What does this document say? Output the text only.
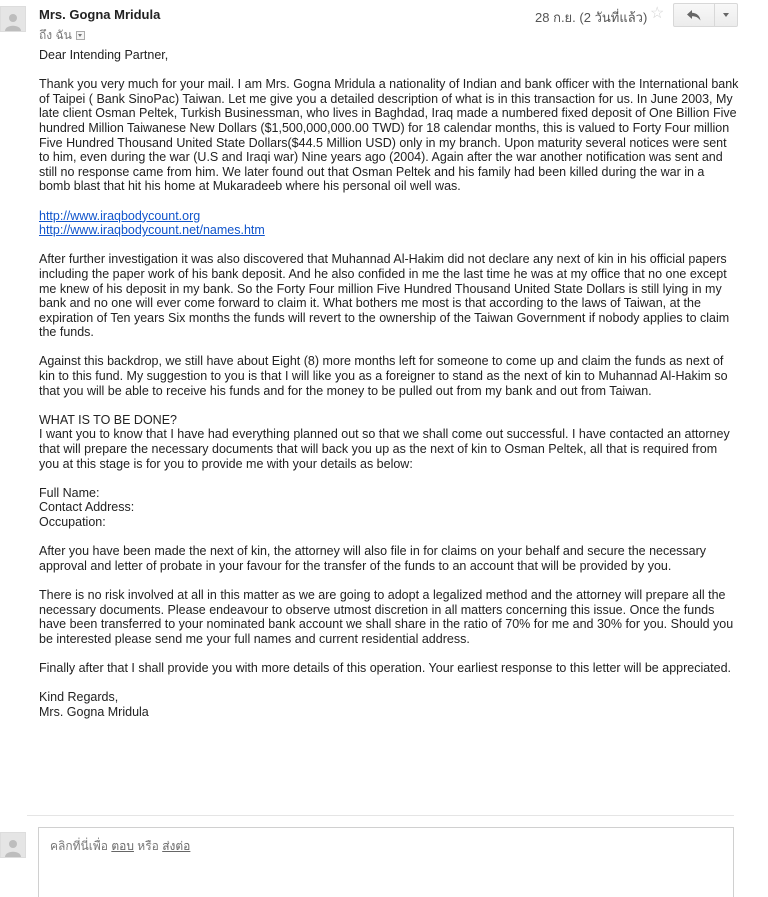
Mrs. Gogna Mridula
ถึง ฉัน
28 ก.ย. (2 วันที่แล้ว) ☆

Dear Intending Partner,

Thank you very much for your mail. I am Mrs. Gogna Mridula a nationality of Indian and bank officer with the International bank of Taipei ( Bank SinoPac) Taiwan. Let me give you a detailed description of what is in this transaction for us. In June 2003, My late client Osman Peltek, Turkish Businessman, who lives in Baghdad, Iraq made a numbered fixed deposit of One Billion Five hundred Million Taiwanese New Dollars ($1,500,000,000.00 TWD) for 18 calendar months, this is valued to Forty Four million Five Hundred Thousand United State Dollars($44.5 Million USD) only in my branch. Upon maturity several notices were sent to him, even during the war (U.S and Iraqi war) Nine years ago (2004). Again after the war another notification was sent and still no response came from him. We later found out that Osman Peltek and his family had been killed during the war in a bomb blast that hit his home at Mukaradeeb where his personal oil well was.

http://www.iraqbodycount.org
http://www.iraqbodycount.net/names.htm

After further investigation it was also discovered that Muhannad Al-Hakim did not declare any next of kin in his official papers including the paper work of his bank deposit. And he also confided in me the last time he was at my office that no one except me knew of his deposit in my bank. So the Forty Four million Five Hundred Thousand United State Dollars is still lying in my bank and no one will ever come forward to claim it. What bothers me most is that according to the laws of Taiwan, at the expiration of Ten years Six months the funds will revert to the ownership of the Taiwan Government if nobody applies to claim the funds.

Against this backdrop, we still have about Eight (8) more months left for someone to come up and claim the funds as next of kin to this fund. My suggestion to you is that I will like you as a foreigner to stand as the next of kin to Muhannad Al-Hakim so that you will be able to receive his funds and for the money to be pulled out from my bank and out from Taiwan.

WHAT IS TO BE DONE?

I want you to know that I have had everything planned out so that we shall come out successful. I have contacted an attorney that will prepare the necessary documents that will back you up as the next of kin to Osman Peltek, all that is required from you at this stage is for you to provide me with your details as below:

Full Name:
Contact Address:

Occupation:

After you have been made the next of kin, the attorney will also file in for claims on your behalf and secure the necessary approval and letter of probate in your favour for the transfer of the funds to an account that will be provided by you.

There is no risk involved at all in this matter as we are going to adopt a legalized method and the attorney will prepare all the necessary documents. Please endeavour to observe utmost discretion in all matters concerning this issue. Once the funds have been transferred to your nominated bank account we shall share in the ratio of 70% for me and 30% for you. Should you be interested please send me your full names and current residential address.

Finally after that I shall provide you with more details of this operation. Your earliest response to this letter will be appreciated.

Kind Regards,
Mrs. Gogna Mridula
คลิกที่นี่เพื่อ ตอบ หรือ ส่งต่อ
